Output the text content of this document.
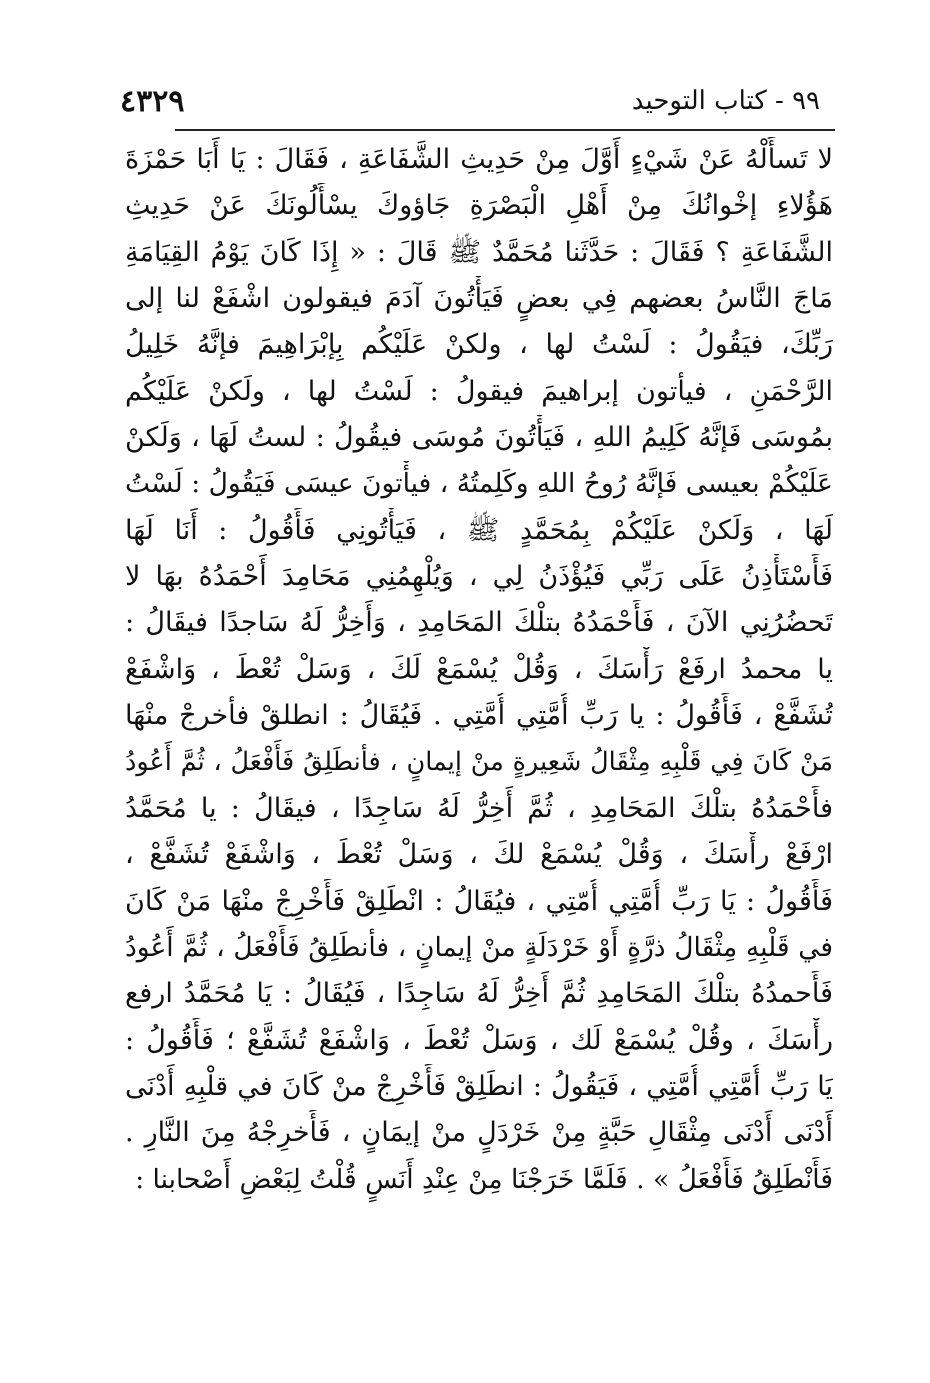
٩٩ - كتاب التوحيد
٤٣٢٩
لا تَسأَلْهُ عَنْ شَيْءٍ أَوَّلَ مِنْ حَدِيثِ الشَّفَاعَةِ ، فَقَالَ : يَا أَبَا حَمْزَةَ
هَؤُلاءِ إخْوانُكَ مِنْ أَهْلِ الْبَصْرَةِ جَاؤوكَ يسْأَلُونَكَ عَنْ حَدِيثِ
الشَّفَاعَةِ ؟ فَقَالَ : حَدَّثَنا مُحَمَّدٌ ﷺ قَالَ : « إِذَا كَانَ يَوْمُ القِيَامَةِ
مَاجَ النَّاسُ بعضهم فِي بعضٍ فَيَأْتُونَ آدَمَ فيقولون اشْفَعْ لنا إلى
رَبِّكَ، فيَقُولُ : لَسْتُ لها ، ولكنْ عَلَيْكُم بِإبْرَاهِيمَ فإنَّهُ خَلِيلُ
الرَّحْمَنِ ، فيأتون إبراهيمَ فيقولُ : لَسْتُ لها ، ولَكنْ عَلَيْكُم
بمُوسَى فَإنَّهُ كَلِيمُ اللهِ ، فَيَأْتُونَ مُوسَى فيقُولُ : لستُ لَهَا ، وَلَكنْ
عَلَيْكُمْ بعيسى فَإنَّهُ رُوحُ اللهِ وكَلِمتُهُ ، فيأْتونَ عيسَى فَيَقُولُ : لَسْتُ
لَهَا ، وَلَكنْ عَلَيْكُمْ بِمُحَمَّدٍ ﷺ ، فَيَأْتُونِي فَأَقُولُ : أَنَا لَهَا
فَأَسْتَأْذِنُ عَلَى رَبِّي فَيُؤْذَنُ لِي ، وَيُلْهِمُنِي مَحَامِدَ أَحْمَدُهُ بهَا لا
تَحضُرُنِي الآنَ ، فَأَحْمَدُهُ بتلْكَ المَحَامِدِ ، وَأَخِرُّ لَهُ سَاجدًا فيقَالُ :
يا محمدُ ارفَعْ رَأْسَكَ ، وَقُلْ يُسْمَعْ لَكَ ، وَسَلْ تُعْطَ ، وَاشْفَعْ
تُشَفَّعْ ، فَأَقُولُ : يا رَبِّ أُمَّتِي أُمَّتِي . فَيُقَالُ : انطلقْ فأخرجْ منْهَا
مَنْ كَانَ فِي قَلْبِهِ مِثْقَالُ شَعِيرةٍ منْ إيمانٍ ، فأنطَلِقُ فَأَفْعَلُ ، ثُمَّ أَعُودُ
فأَحْمَدُهُ بتلْكَ المَحَامِدِ ، ثُمَّ أَخِرُّ لَهُ سَاجِدًا ، فيقَالُ : يا مُحَمَّدُ
ارْفَعْ رأْسَكَ ، وَقُلْ يُسْمَعْ لكَ ، وَسَلْ تُعْطَ ، وَاشْفَعْ تُشَفَّعْ ،
فَأَقُولُ : يَا رَبِّ أُمَّتِي أُمّتِي ، فيُقَالُ : انْطَلِقْ فَأَخْرِجْ منْهَا مَنْ كَانَ
في قَلْبِهِ مِثْقَالُ ذرَّةٍ أَوْ خَرْدَلَةٍ منْ إيمانٍ ، فأنطَلِقُ فَأَفْعَلُ ، ثُمَّ أَعُودُ
فَأَحمدُهُ بتلْكَ المَحَامِدِ ثُمَّ أَخِرُّ لَهُ سَاجِدًا ، فَيُقَالُ : يَا مُحَمَّدُ ارفع
رأْسَكَ ، وقُلْ يُسْمَعْ لَك ، وَسَلْ تُعْطَ ، وَاشْفَعْ تُشَفَّعْ ؛ فَأَقُولُ :
يَا رَبِّ أُمَّتِي أُمَّتِي ، فَيَقُولُ : انطَلِقْ فَأَخْرِجْ منْ كَانَ في قلْبِهِ أَدْنَى
أَدْنَى أَدْنَى مِثْقَالِ حَبَّةٍ مِنْ خَرْدَلٍ منْ إيمَانٍ ، فَأَخرِجْهُ مِنَ النَّارِ .
فَأَنْطَلِقُ فَأَفْعَلُ » . فَلَمَّا خَرَجْنَا مِنْ عِنْدِ أَنَسٍ قُلْتُ لِبَعْضِ أَصْحابنا :
